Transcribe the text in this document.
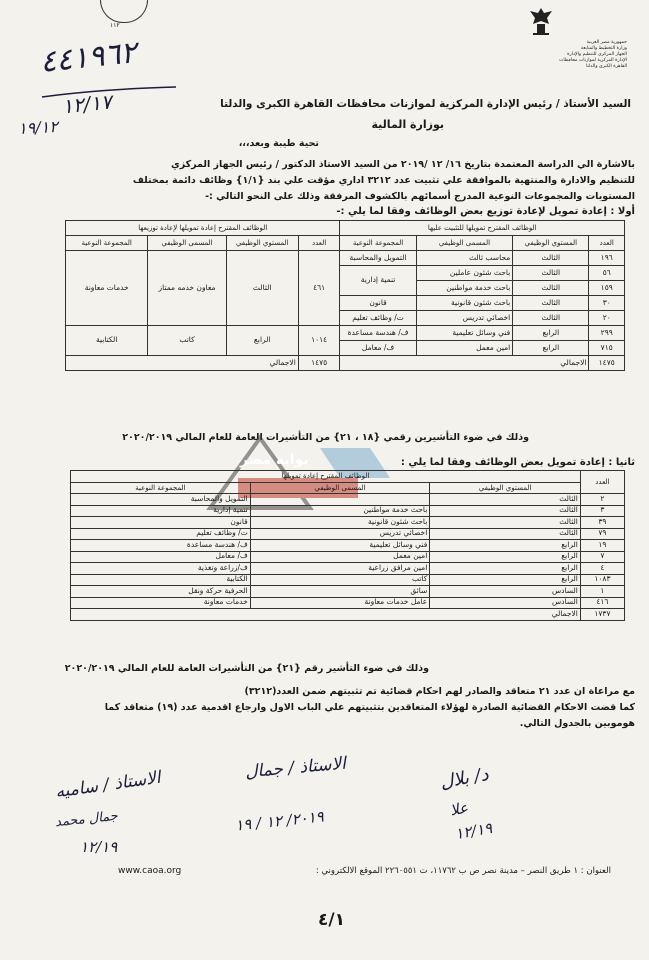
١١٢
جمهورية مصر العربية
وزارة التخطيط والمتابعة
الجهاز المركزي للتنظيم والإدارة
الإدارة المركزية لموازنات محافظات
القاهرة الكبرى والدلتا
٤٤١٩٦٢
١٢/١٧
١٩/١٢
السيد الأستاذ / رئيس الإدارة المركزية لموازنات محافظات القاهرة الكبرى والدلتا
بوزارة المالية
تحية طيبة وبعد،،،
بالاشارة الي الدراسة المعتمدة بتاريخ ١٦/ ١٢ /٢٠١٩ من السيد الاستاذ الدكتور / رئيس الجهاز المركزي
للتنظيم والادارة والمنتهية بالموافقة علي تثبيت عدد ٣٢١٢ اداري مؤقت علي بند {١/١} وظائف دائمة بمختلف
المستويات والمجموعات النوعية المدرج أسمائهم بالكشوف المرفقة وذلك على النحو التالي :-
أولا : إعادة تمويل لإعادة توزيع بعض الوظائف وفقا لما يلي :-
الوظائف المقترح تمويلها للتثبيت عليها				الوظائف المقترح إعادة تمويلها لإعادة توزيعها			
العدد	المستوي الوظيفي	المسمى الوظيفي	المجموعة النوعية	العدد	المستوي الوظيفي	المسمى الوظيفي	المجموعة النوعية
١٩٦	الثالث	محاسب ثالث	التمويل والمحاسبة	٤٦١	الثالث	معاون خدمه ممتاز	خدمات معاونة
٥٦	الثالث	باحث شئون عاملين	تنمية إدارية				
١٥٩	الثالث	باحث خدمة مواطنين					
٣٠	الثالث	باحث شئون قانونية	قانون				
٢٠	الثالث	اخصائي تدريس	ت/ وظائف تعليم				
٢٩٩	الرابع	فني وسائل تعليمية	ف/ هندسة مساعدة	١٠١٤	الرابع	كاتب	الكتابية
٧١٥	الرابع	امين معمل	ف/ معامل				
١٤٧٥	الاجمالي			١٤٧٥	الاجمالي		
وذلك في ضوء التأشيرين رقمي {١٨ ، ٢١} من التأشيرات العامة للعام المالي ٢٠٢٠/٢٠١٩
ثانيا : إعادة تمويل بعض الوظائف وفقا لما يلي :
بوابة مصر
العدد	الوظائف المقترح إعادة تمويلها		
	المستوي الوظيفي	المسمى الوظيفي	المجموعة النوعية
٢	الثالث		التمويل والمحاسبة
٣	الثالث	باحث خدمة مواطنين	تنمية إدارية
٣٩	الثالث	باحث شئون قانونية	قانون
٧٩	الثالث	اخصائي تدريس	ت/ وظائف تعليم
١٩	الرابع	فني وسائل تعليمية	ف/ هندسة مساعدة
٧	الرابع	امين معمل	ف/ معامل
٤	الرابع	امين مرافق زراعية	ف/زراعة وتغذية
١٠٨٣	الرابع	كاتب	الكتابية
١	السادس	سائق	الحرفية حركة ونقل
٤١٦	السادس	عامل خدمات معاونة	خدمات معاونة
١٧٣٧	الاجمالي		
وذلك في ضوء التأشير رقم {٢١} من التأشيرات العامة للعام المالي ٢٠٢٠/٢٠١٩
مع مراعاة ان عدد ٢١ متعاقد والصادر لهم احكام قضائية تم تثبيتهم ضمن العدد(٣٢١٢)
كما قضت الاحكام القضائية الصادرة لهؤلاء المتعاقدين بتثبيتهم علي الباب الاول وارجاع اقدمية عدد (١٩) متعاقد كما
هوموبين بالجدول التالي.
الاستاذ / ساميه
جمال محمد
١٢/١٩
الاستاذ / جمال
٢٠١٩/ ١٢ / ١٩
د/ بلال
علا
١٢/١٩
www.caoa.org	العنوان : ١ طريق النصر – مدينة نصر ص ب ١١٧٦٢، ت ٢٢٦٠٥٥١ الموقع الالكتروني :
٤/١
